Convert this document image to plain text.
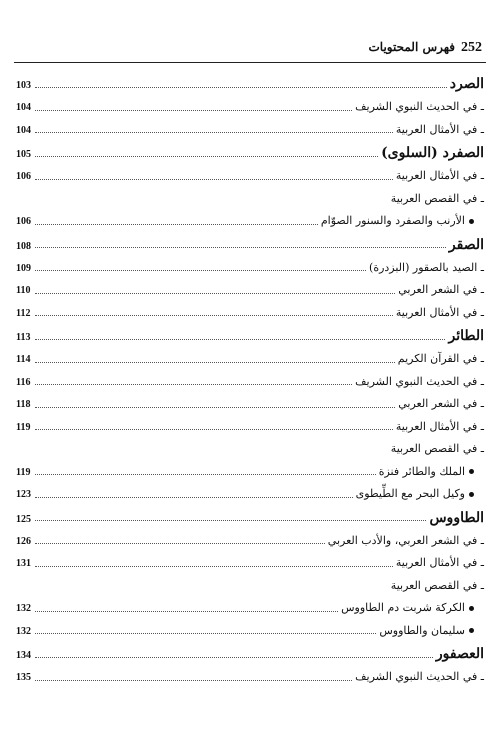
252
فهرس المحتويات
الصرد
103
ـ في الحديث النبوي الشريف
104
ـ في الأمثال العربية
104
الصفرد (السلوى)
105
ـ في الأمثال العربية
106
ـ في القصص العربية
الأرنب والصفرد والسنور الصوّام
106
الصقر
108
ـ الصيد بالصقور (البزدرة)
109
ـ في الشعر العربي
110
ـ في الأمثال العربية
112
الطائر
113
ـ في القرآن الكريم
114
ـ في الحديث النبوي الشريف
116
ـ في الشعر العربي
118
ـ في الأمثال العربية
119
ـ في القصص العربية
الملك والطائر فنزة
119
وكيل البحر مع الطِّيطوى
123
الطاووس
125
ـ في الشعر العربي، والأدب العربي
126
ـ في الأمثال العربية
131
ـ في القصص العربية
الكركة شربت دم الطاووس
132
سليمان والطاووس
132
العصفور
134
ـ في الحديث النبوي الشريف
135
